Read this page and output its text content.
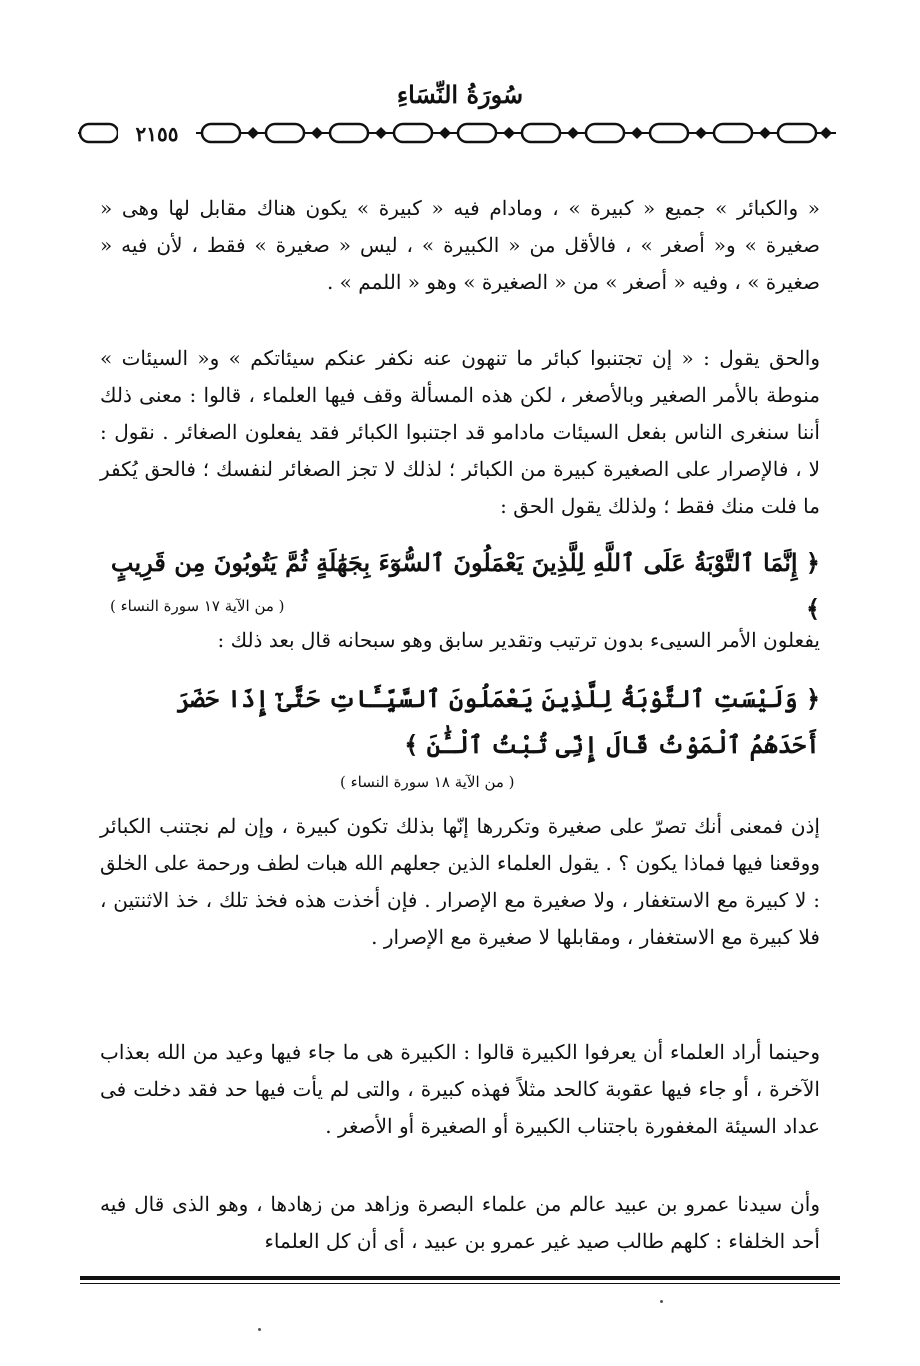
سُورَةُ النِّسَاءِ
٢١٥٥

« والكبائر » جميع « كبيرة » ، ومادام فيه « كبيرة » يكون هناك مقابل لها وهى « صغيرة » و« أصغر » ، فالأقل من « الكبيرة » ، ليس « صغيرة » فقط ، لأن فيه « صغيرة » ، وفيه « أصغر » من « الصغيرة » وهو « اللمم » .

والحق يقول : « إن تجتنبوا كبائر ما تنهون عنه نكفر عنكم سيئاتكم » و« السيئات » منوطة بالأمر الصغير وبالأصغر ، لكن هذه المسألة وقف فيها العلماء ، قالوا : معنى ذلك أننا سنغرى الناس بفعل السيئات مادامو قد اجتنبوا الكبائر فقد يفعلون الصغائر . نقول : لا ، فالإصرار على الصغيرة كبيرة من الكبائر ؛ لذلك لا تجز الصغائر لنفسك ؛ فالحق يُكفر ما فلت منك فقط ؛ ولذلك يقول الحق :

﴿ إِنَّمَا ٱلتَّوْبَةُ عَلَى ٱللَّهِ لِلَّذِينَ يَعْمَلُونَ ٱلسُّوٓءَ بِجَهَٰلَةٍ ثُمَّ يَتُوبُونَ مِن قَرِيبٍ ﴾

( من الآية ١٧ سورة النساء )

يفعلون الأمر السيىء بدون ترتيب وتقدير سابق وهو سبحانه قال بعد ذلك :

﴿ وَلَيْسَتِ ٱلتَّوْبَةُ لِلَّذِينَ يَعْمَلُونَ ٱلسَّيِّـَٔاتِ حَتَّىٰٓ إِذَا حَضَرَ أَحَدَهُمُ ٱلْمَوْتُ قَالَ إِنِّى تُبْتُ ٱلْـَٰٔنَ ﴾

( من الآية ١٨ سورة النساء )

إذن فمعنى أنك تصرّ على صغيرة وتكررها إنّها بذلك تكون كبيرة ، وإن لم نجتنب الكبائر ووقعنا فيها فماذا يكون ؟ . يقول العلماء الذين جعلهم الله هبات لطف ورحمة على الخلق : لا كبيرة مع الاستغفار ، ولا صغيرة مع الإصرار . فإن أخذت هذه فخذ تلك ، خذ الاثنتين ، فلا كبيرة مع الاستغفار ، ومقابلها لا صغيرة مع الإصرار .

وحينما أراد العلماء أن يعرفوا الكبيرة قالوا : الكبيرة هى ما جاء فيها وعيد من الله بعذاب الآخرة ، أو جاء فيها عقوبة كالحد مثلاً فهذه كبيرة ، والتى لم يأت فيها حد فقد دخلت فى عداد السيئة المغفورة باجتناب الكبيرة أو الصغيرة أو الأصغر .

وأن سيدنا عمرو بن عبيد عالم من علماء البصرة وزاهد من زهادها ، وهو الذى قال فيه أحد الخلفاء : كلهم طالب صيد غير عمرو بن عبيد ، أى أن كل العلماء
